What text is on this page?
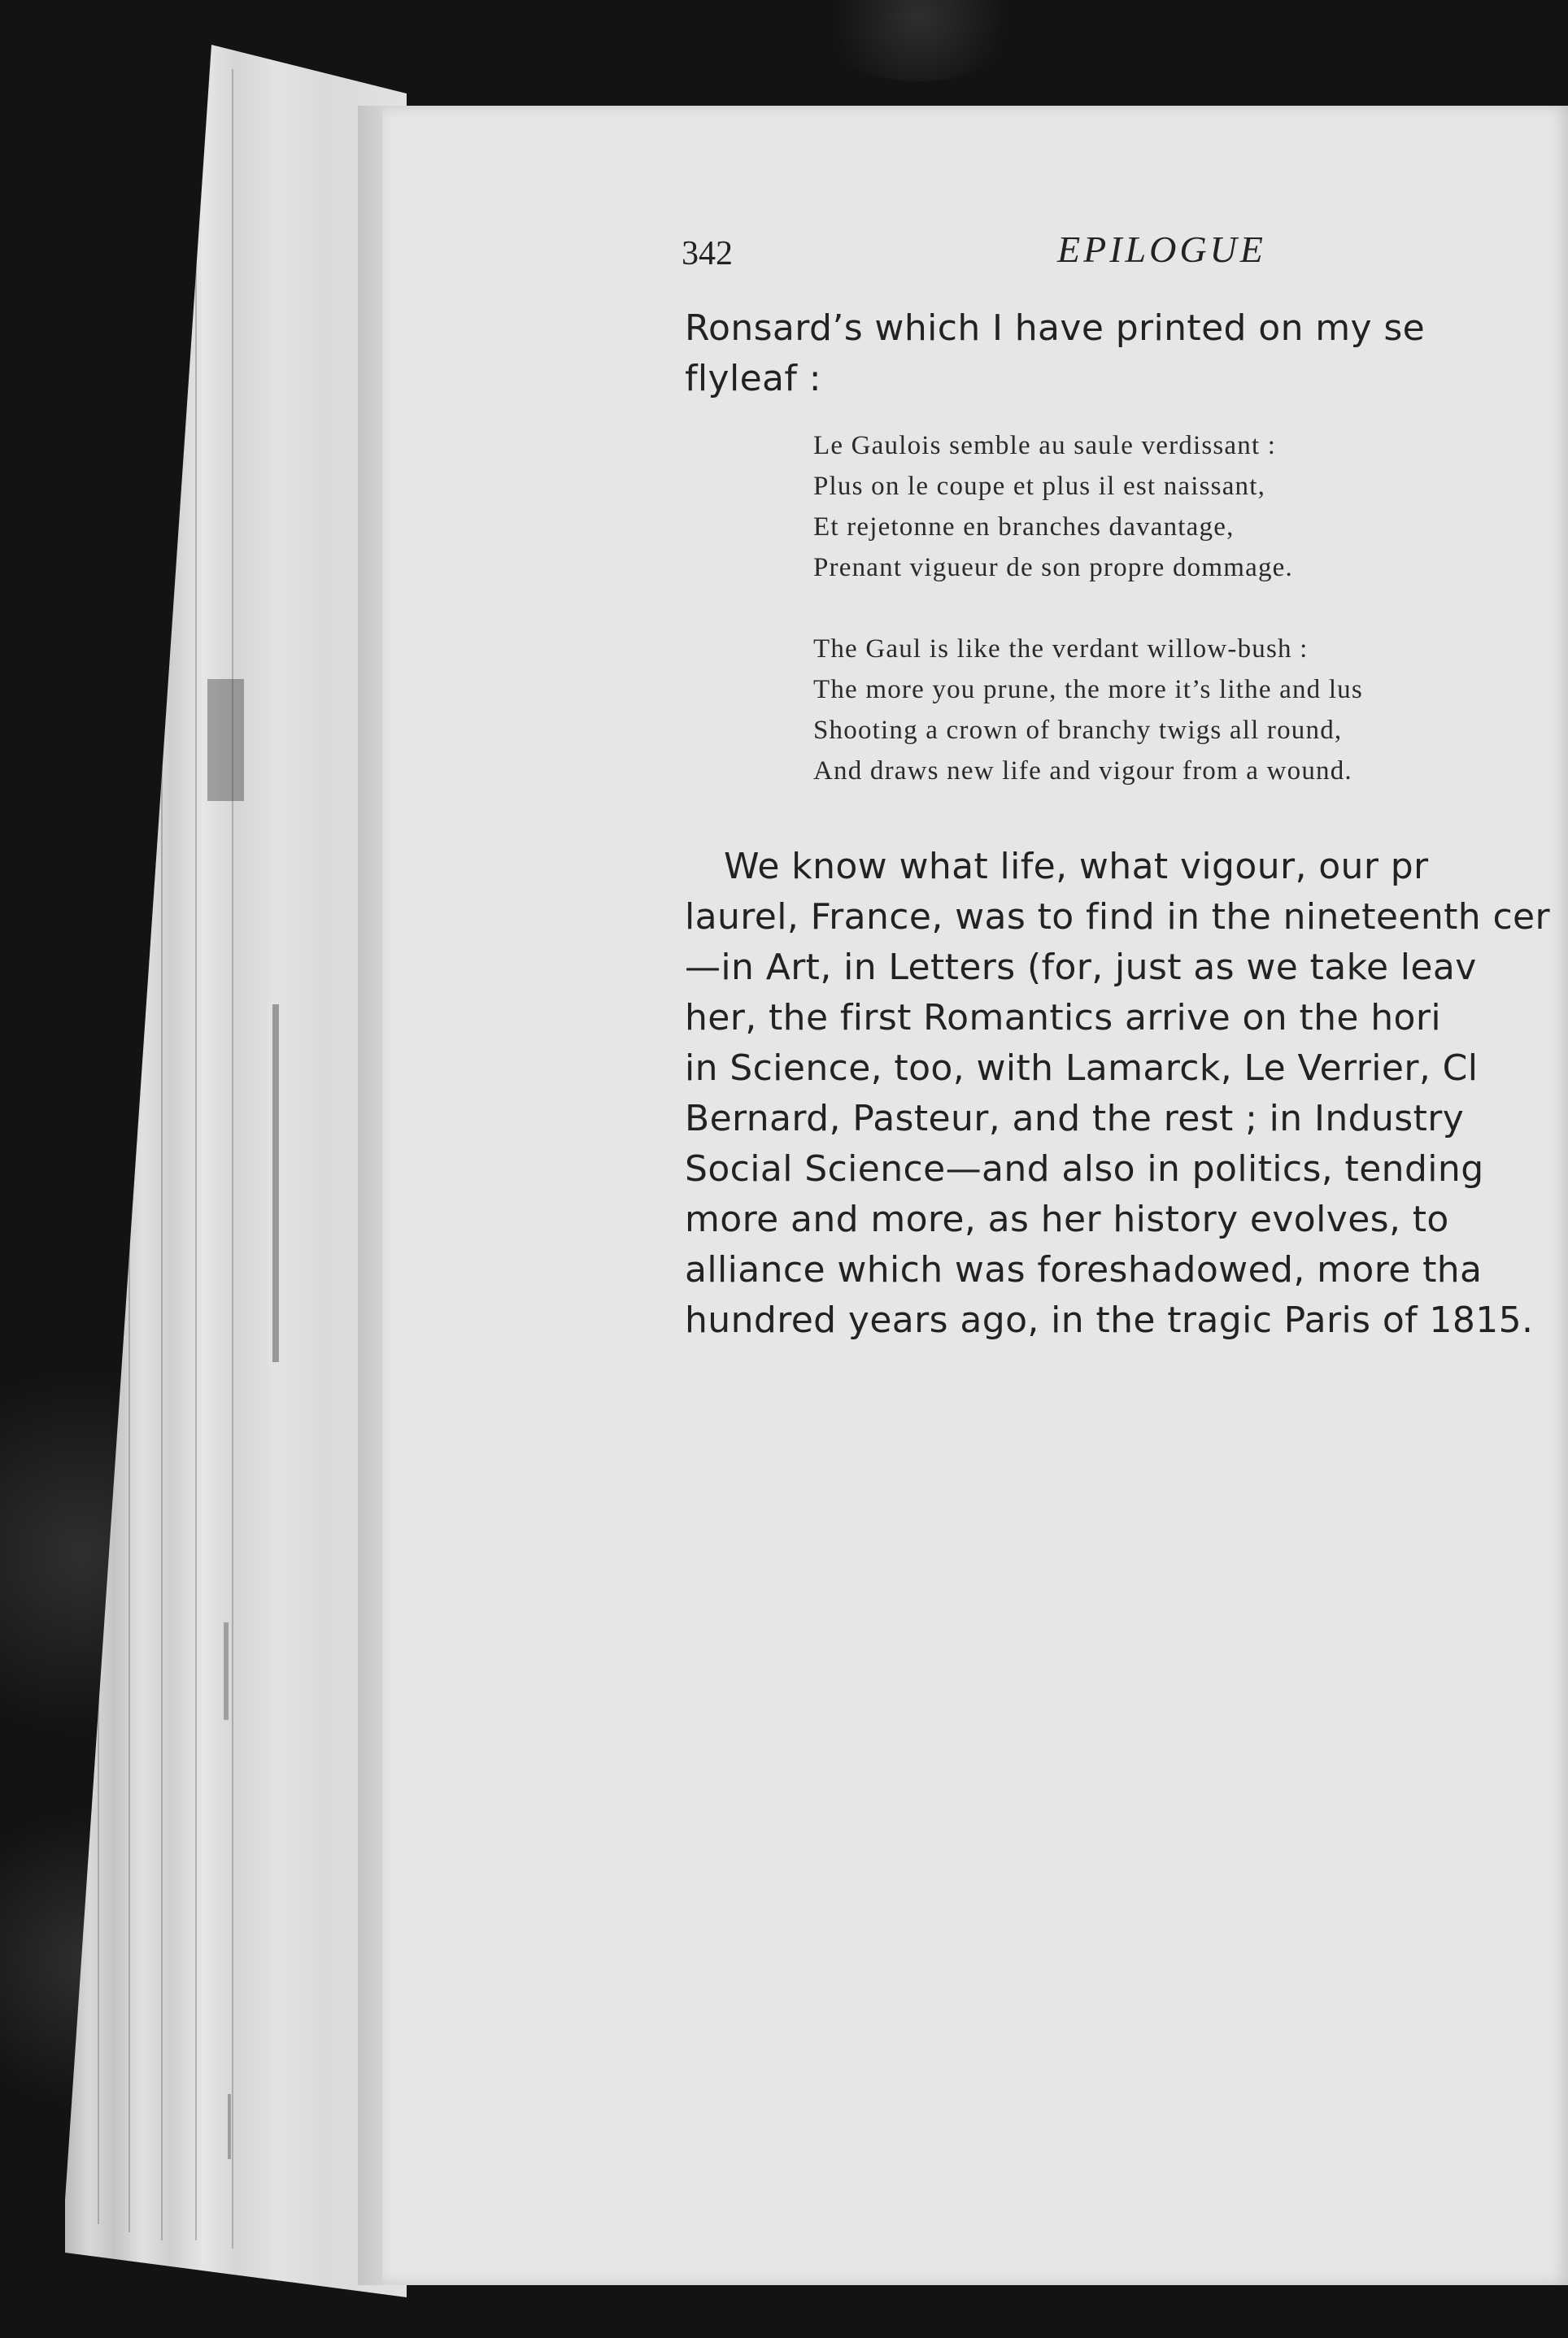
342	EPILOGUE
Ronsard’s which I have printed on my se
flyleaf :
Le Gaulois semble au saule verdissant :
Plus on le coupe et plus il est naissant,
Et rejetonne en branches davantage,
Prenant vigueur de son propre dommage.
The Gaul is like the verdant willow-bush :
The more you prune, the more it’s lithe and lus
Shooting a crown of branchy twigs all round,
And draws new life and vigour from a wound.
We know what life, what vigour, our pr
laurel, France, was to find in the nineteenth cer
—in Art, in Letters (for, just as we take leav
her, the first Romantics arrive on the hori
in Science, too, with Lamarck, Le Verrier, Cl
Bernard, Pasteur, and the rest ; in Industry
Social Science—and also in politics, tending
more and more, as her history evolves, to
alliance which was foreshadowed, more tha
hundred years ago, in the tragic Paris of 1815.
